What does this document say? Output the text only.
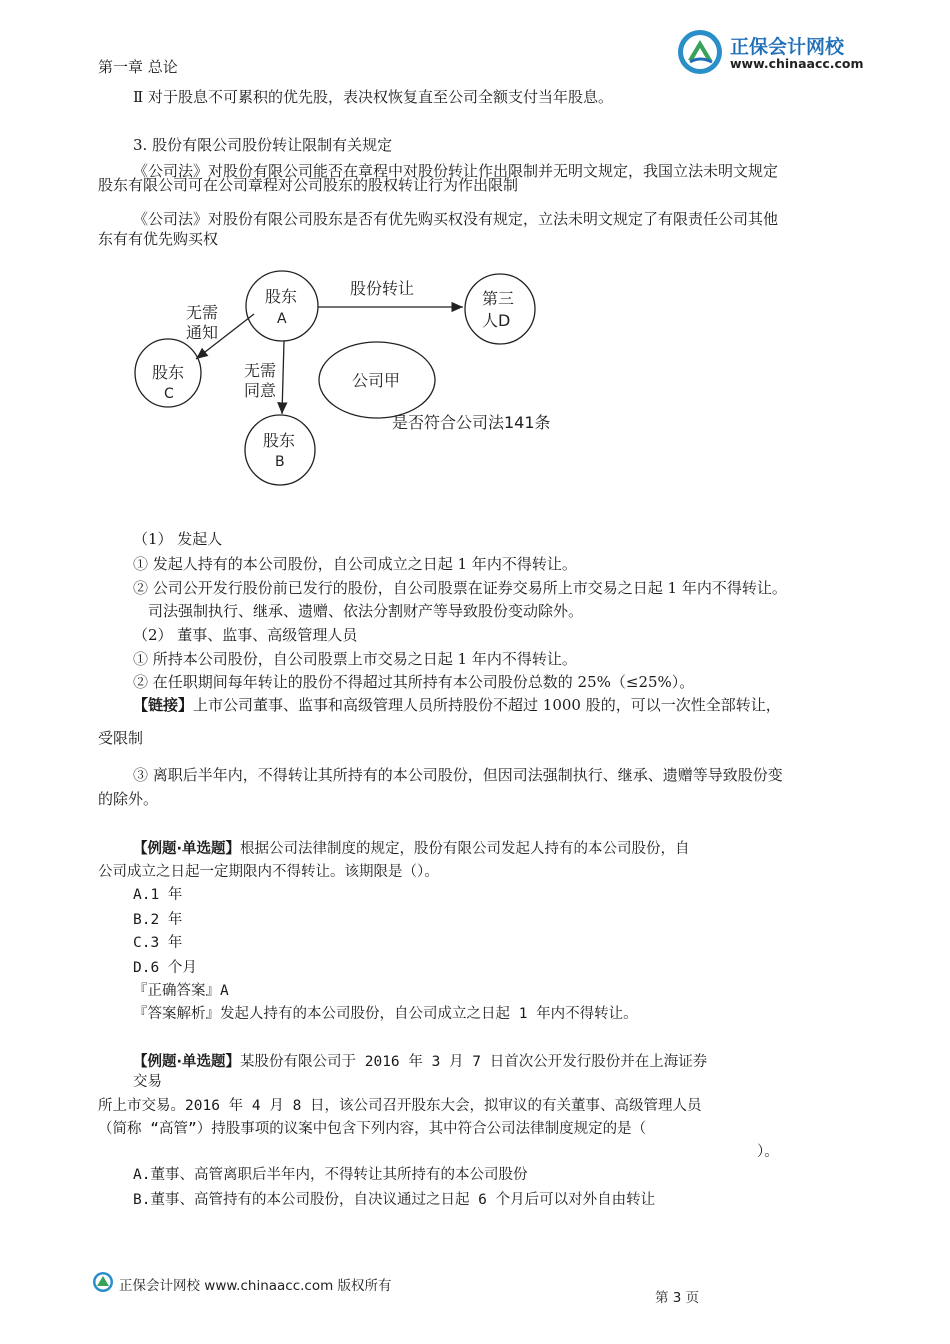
正保会计网校
www.chinaacc.com
第一章 总论
Ⅱ 对于股息不可累积的优先股，表决权恢复直至公司全额支付当年股息。
3. 股份有限公司股份转让限制有关规定
《公司法》对股份有限公司能否在章程中对股份转让作出限制并无明文规定，我国立法未明文规定
股东有限公司可在公司章程对公司股东的股权转让行为作出限制
《公司法》对股份有限公司股东是否有优先购买权没有规定，立法未明文规定了有限责任公司其他
东有有优先购买权
股东
A
股东
C
股东
B
第三
人D
公司甲
股份转让
无需
通知
无需
同意
是否符合公司法141条
（1） 发起人
① 发起人持有的本公司股份，自公司成立之日起 1 年内不得转让。
② 公司公开发行股份前已发行的股份，自公司股票在证券交易所上市交易之日起 1 年内不得转让。
司法强制执行、继承、遗赠、依法分割财产等导致股份变动除外。
（2） 董事、监事、高级管理人员
① 所持本公司股份，自公司股票上市交易之日起 1 年内不得转让。
② 在任职期间每年转让的股份不得超过其所持有本公司股份总数的 25%（≤25%）。
【链接】上市公司董事、监事和高级管理人员所持股份不超过 1000 股的，可以一次性全部转让，
受限制
③ 离职后半年内，不得转让其所持有的本公司股份，但因司法强制执行、继承、遗赠等导致股份变
的除外。
【例题·单选题】根据公司法律制度的规定，股份有限公司发起人持有的本公司股份，自
公司成立之日起一定期限内不得转让。该期限是（）。
A.1 年
B.2 年
C.3 年
D.6 个月
『正确答案』A
『答案解析』发起人持有的本公司股份，自公司成立之日起 1 年内不得转让。
【例题·单选题】某股份有限公司于 2016 年 3 月 7 日首次公开发行股份并在上海证券
交易
所上市交易。2016 年 4 月 8 日，该公司召开股东大会，拟审议的有关董事、高级管理人员
（简称 “高管”）持股事项的议案中包含下列内容，其中符合公司法律制度规定的是（
）。
A.董事、高管离职后半年内，不得转让其所持有的本公司股份
B.董事、高管持有的本公司股份，自决议通过之日起 6 个月后可以对外自由转让
正保会计网校 www.chinaacc.com 版权所有
第 3 页
